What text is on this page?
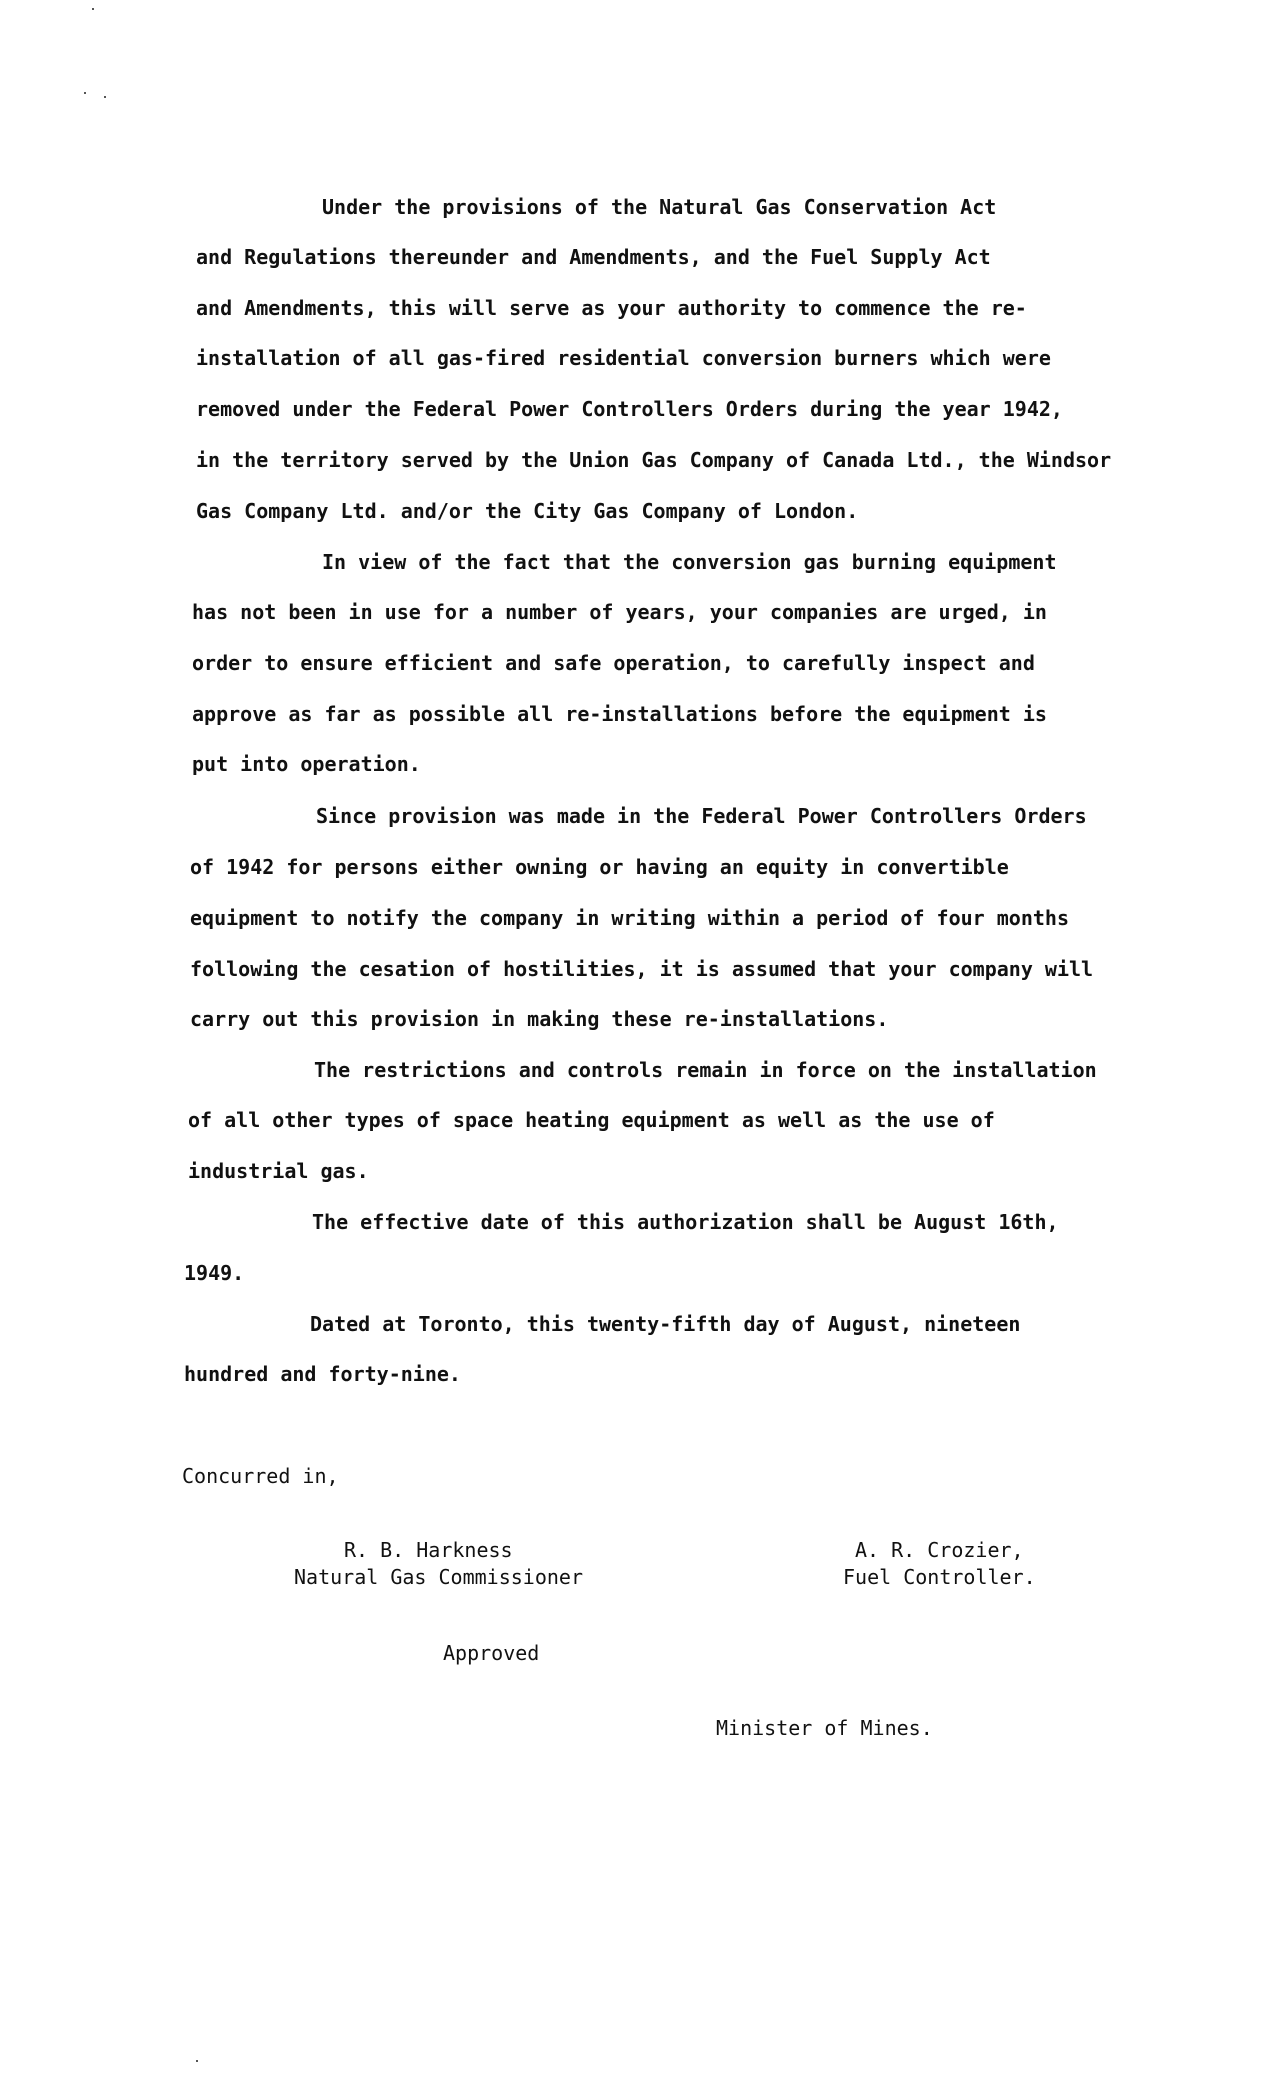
Under the provisions of the Natural Gas Conservation Act

and Regulations thereunder and Amendments, and the Fuel Supply Act

and Amendments, this will serve as your authority to commence the re-

installation of all gas-fired residential conversion burners which were

removed under the Federal Power Controllers Orders during the year 1942,

in the territory served by the Union Gas Company of Canada Ltd., the Windsor

Gas Company Ltd. and/or the City Gas Company of London.

In view of the fact that the conversion gas burning equipment

has not been in use for a number of years, your companies are urged, in

order to ensure efficient and safe operation, to carefully inspect and

approve as far as possible all re-installations before the equipment is

put into operation.

Since provision was made in the Federal Power Controllers Orders

of 1942 for persons either owning or having an equity in convertible

equipment to notify the company in writing within a period of four months

following the cesation of hostilities, it is assumed that your company will

carry out this provision in making these re-installations.

The restrictions and controls remain in force on the installation

of all other types of space heating equipment as well as the use of

industrial gas.

The effective date of this authorization shall be August 16th,

1949.

Dated at Toronto, this twenty-fifth day of August, nineteen

hundred and forty-nine.

Concurred in,

R. B. Harkness

Natural Gas Commissioner

A. R. Crozier,

Fuel Controller.

Approved

Minister of Mines.
